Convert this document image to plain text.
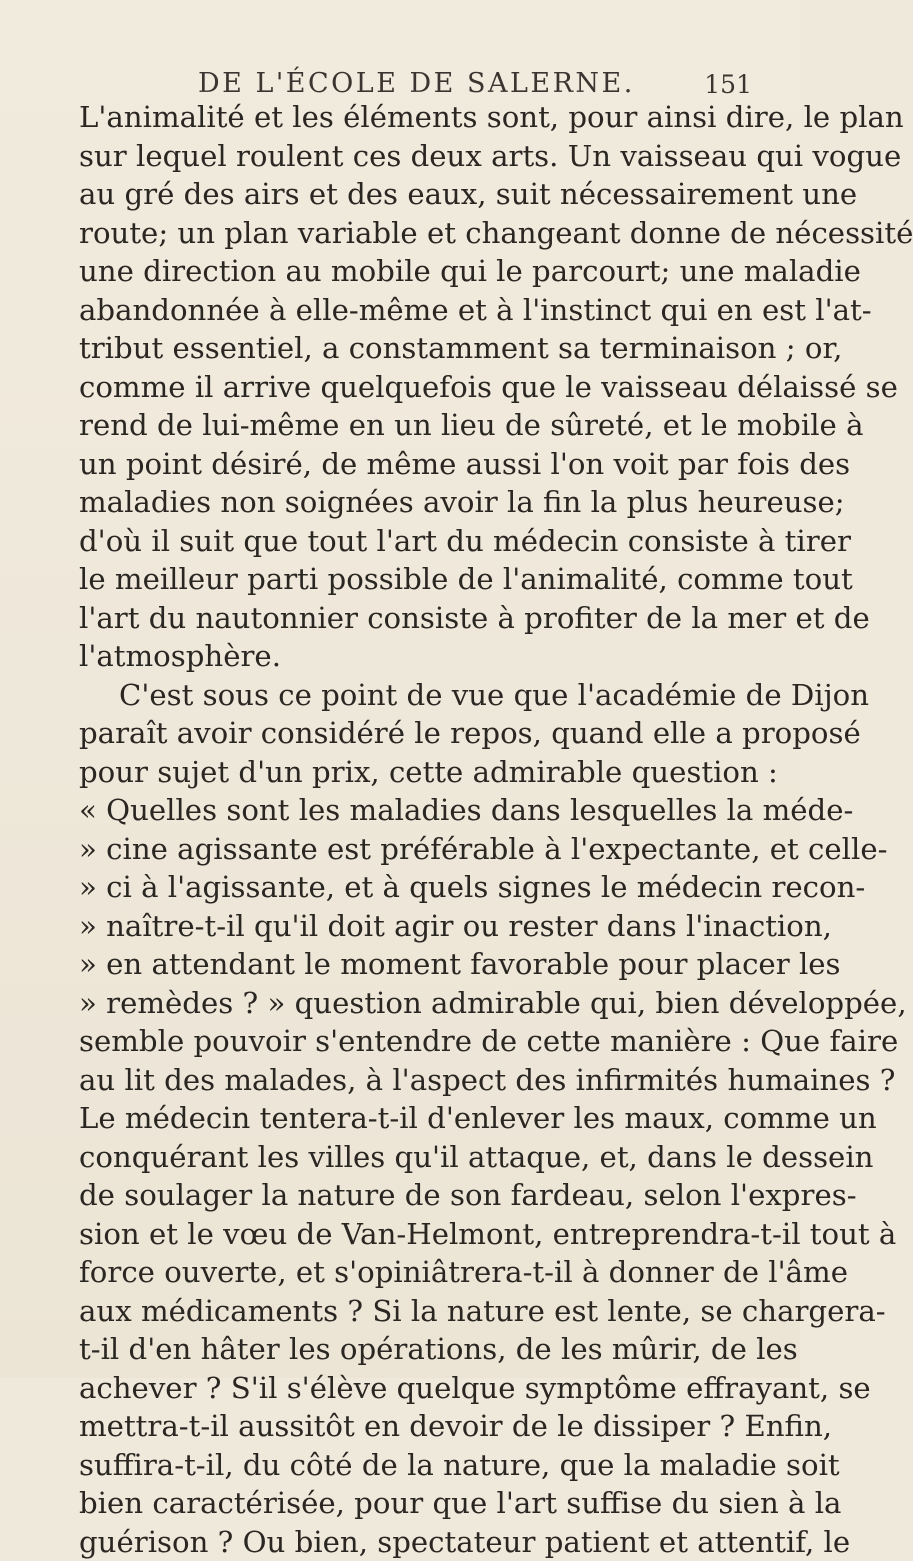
DE L'ÉCOLE DE SALERNE.	151
L'animalité et les éléments sont, pour ainsi dire, le plan
sur lequel roulent ces deux arts. Un vaisseau qui vogue
au gré des airs et des eaux, suit nécessairement une
route; un plan variable et changeant donne de nécessité
une direction au mobile qui le parcourt; une maladie
abandonnée à elle-même et à l'instinct qui en est l'at-
tribut essentiel, a constamment sa terminaison ; or,
comme il arrive quelquefois que le vaisseau délaissé se
rend de lui-même en un lieu de sûreté, et le mobile à
un point désiré, de même aussi l'on voit par fois des
maladies non soignées avoir la fin la plus heureuse;
d'où il suit que tout l'art du médecin consiste à tirer
le meilleur parti possible de l'animalité, comme tout
l'art du nautonnier consiste à profiter de la mer et de
l'atmosphère.
C'est sous ce point de vue que l'académie de Dijon
paraît avoir considéré le repos, quand elle a proposé
pour sujet d'un prix, cette admirable question :
« Quelles sont les maladies dans lesquelles la méde-
» cine agissante est préférable à l'expectante, et celle-
» ci à l'agissante, et à quels signes le médecin recon-
» naître-t-il qu'il doit agir ou rester dans l'inaction,
» en attendant le moment favorable pour placer les
» remèdes ? » question admirable qui, bien développée,
semble pouvoir s'entendre de cette manière : Que faire
au lit des malades, à l'aspect des infirmités humaines ?
Le médecin tentera-t-il d'enlever les maux, comme un
conquérant les villes qu'il attaque, et, dans le dessein
de soulager la nature de son fardeau, selon l'expres-
sion et le vœu de Van-Helmont, entreprendra-t-il tout à
force ouverte, et s'opiniâtrera-t-il à donner de l'âme
aux médicaments ? Si la nature est lente, se chargera-
t-il d'en hâter les opérations, de les mûrir, de les
achever ? S'il s'élève quelque symptôme effrayant, se
mettra-t-il aussitôt en devoir de le dissiper ? Enfin,
suffira-t-il, du côté de la nature, que la maladie soit
bien caractérisée, pour que l'art suffise du sien à la
guérison ? Ou bien, spectateur patient et attentif, le
